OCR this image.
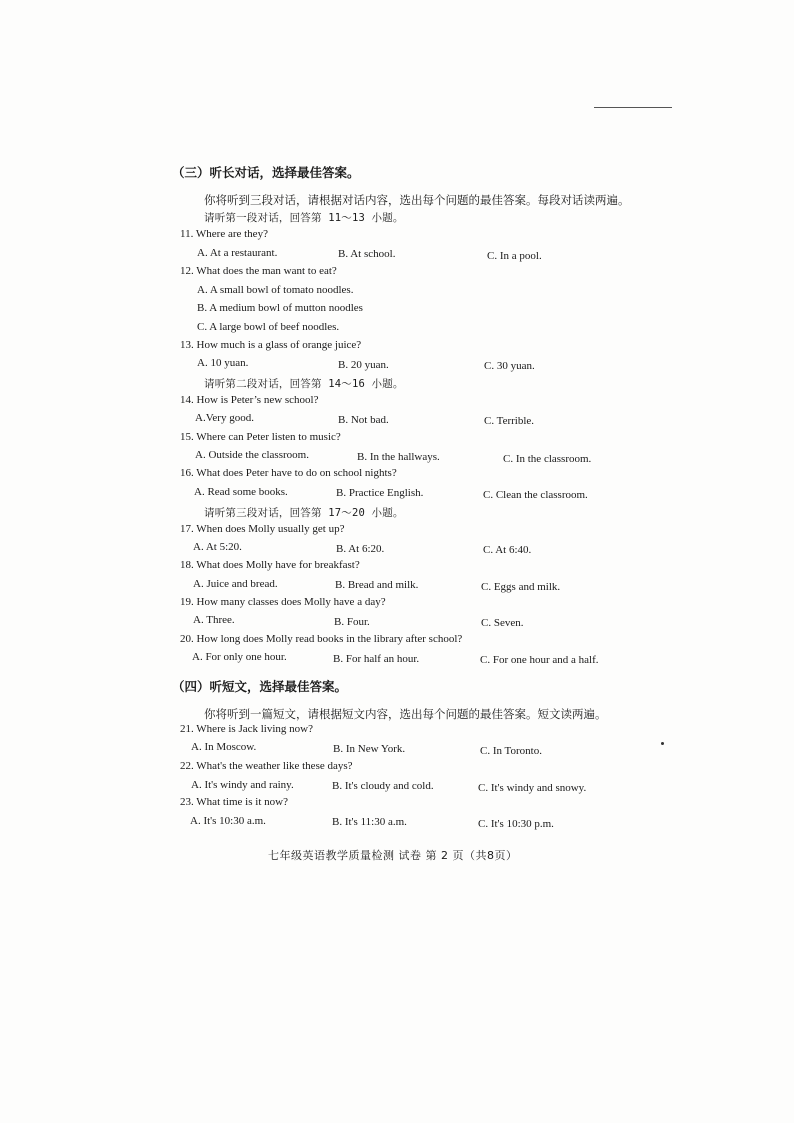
（三）听长对话，选择最佳答案。
你将听到三段对话，请根据对话内容，选出每个问题的最佳答案。每段对话读两遍。
请听第一段对话，回答第 11～13 小题。
11. Where are they?
A. At a restaurant.	B. At school.	C. In a pool.
12. What does the man want to eat?
A. A small bowl of tomato noodles.
B. A medium bowl of mutton noodles
C. A large bowl of beef noodles.
13. How much is a glass of orange juice?
A. 10 yuan.	B. 20 yuan.	C. 30 yuan.
请听第二段对话，回答第 14～16 小题。
14. How is Peter’s new school?
A.Very good.	B. Not bad.	C. Terrible.
15. Where can Peter listen to music?
A. Outside the classroom.	B. In the hallways.	C. In the classroom.
16. What does Peter have to do on school nights?
A. Read some books.	B. Practice English.	C. Clean the classroom.
请听第三段对话，回答第 17～20 小题。
17. When does Molly usually get up?
A. At 5:20.	B. At 6:20.	C. At 6:40.
18. What does Molly have for breakfast?
A. Juice and bread.	B. Bread and milk.	C. Eggs and milk.
19. How many classes does Molly have a day?
A. Three.	B. Four.	C. Seven.
20. How long does Molly read books in the library after school?
A. For only one hour.	B. For half an hour.	C. For one hour and a half.
（四）听短文，选择最佳答案。
你将听到一篇短文，请根据短文内容，选出每个问题的最佳答案。短文读两遍。
21. Where is Jack living now?
A. In Moscow.	B. In New York.	C. In Toronto.
22. What's the weather like these days?
A. It's windy and rainy.	B. It's cloudy and cold.	C. It's windy and snowy.
23. What time is it now?
A. It's 10:30 a.m.	B. It's 11:30 a.m.	C. It's 10:30 p.m.
七年级英语教学质量检测 试卷 第 2 页（共8页）
